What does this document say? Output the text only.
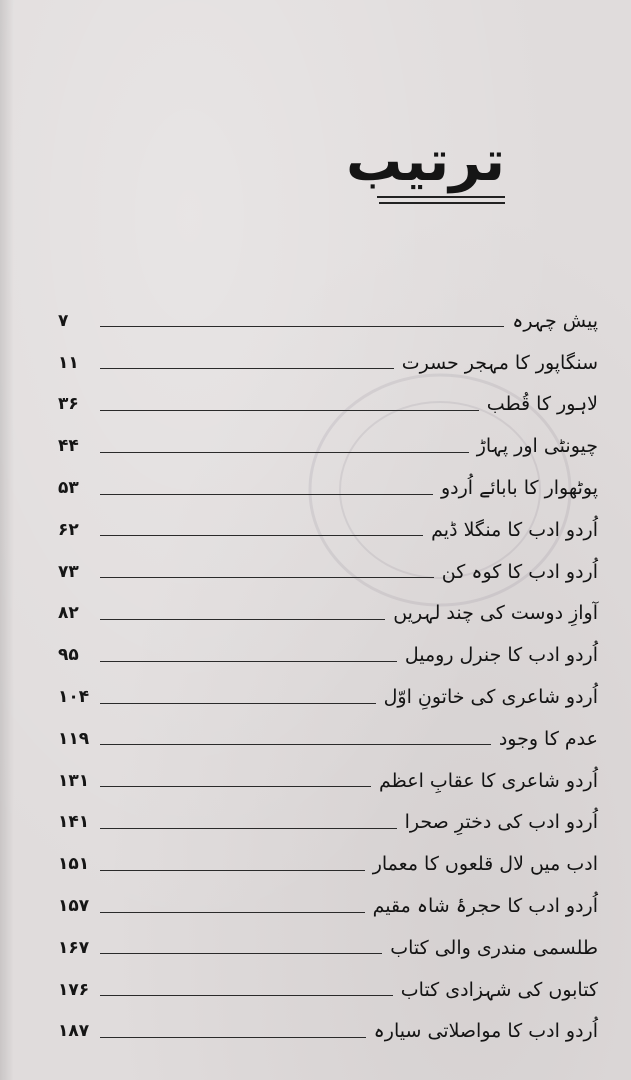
ترتیب
پیش چہرہ
۷
سنگاپور کا مہجر حسرت
۱۱
لاہور کا قُطب
۳۶
چیونٹی اور پہاڑ
۴۴
پوٹھوار کا بابائے اُردو
۵۳
اُردو ادب کا منگلا ڈیم
۶۲
اُردو ادب کا کوہ کن
۷۳
آوازِ دوست کی چند لہریں
۸۲
اُردو ادب کا جنرل رومیل
۹۵
اُردو شاعری کی خاتونِ اوّل
۱۰۴
عدم کا وجود
۱۱۹
اُردو شاعری کا عقابِ اعظم
۱۳۱
اُردو ادب کی دخترِ صحرا
۱۴۱
ادب میں لال قلعوں کا معمار
۱۵۱
اُردو ادب کا حجرۂ شاہ مقیم
۱۵۷
طلسمی مندری والی کتاب
۱۶۷
کتابوں کی شہزادی کتاب
۱۷۶
اُردو ادب کا مواصلاتی سیارہ
۱۸۷
